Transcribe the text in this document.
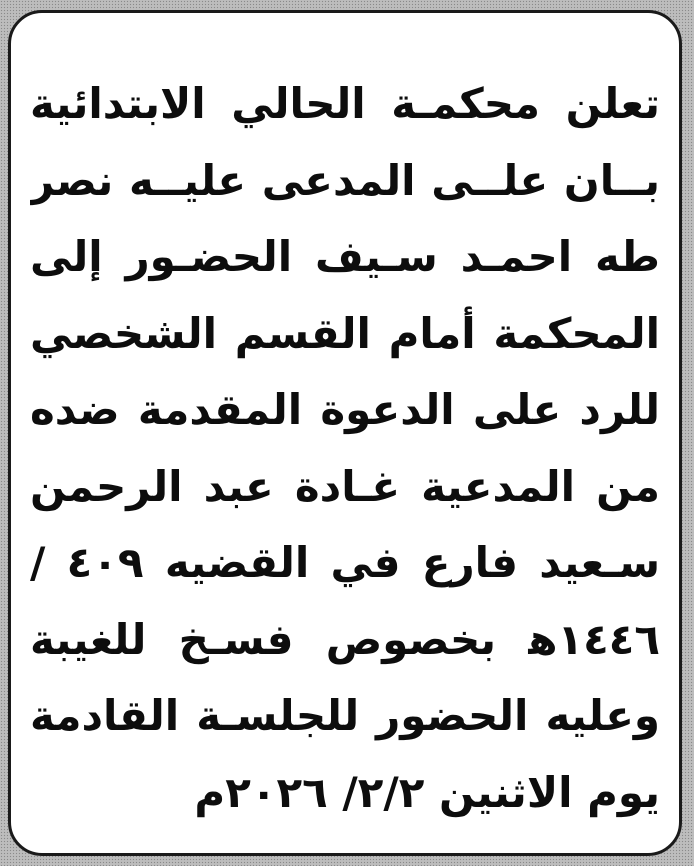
تعلن محكمـة الحالي الابتدائية
بــان علــى المدعى عليــه نصر
طه احمـد سـيف الحضـور إلى
المحكمة أمام القسم الشخصي
للرد على الدعوة المقدمة ضده
من المدعية غـادة عبد الرحمن
سـعيد فارع في القضيه ٤٠٩ /
١٤٤٦ﻫ بخصوص فسـخ للغيبة
وعليه الحضور للجلسـة القادمة
يوم الاثنين ٢/٢/ ٢٠٢٦م
